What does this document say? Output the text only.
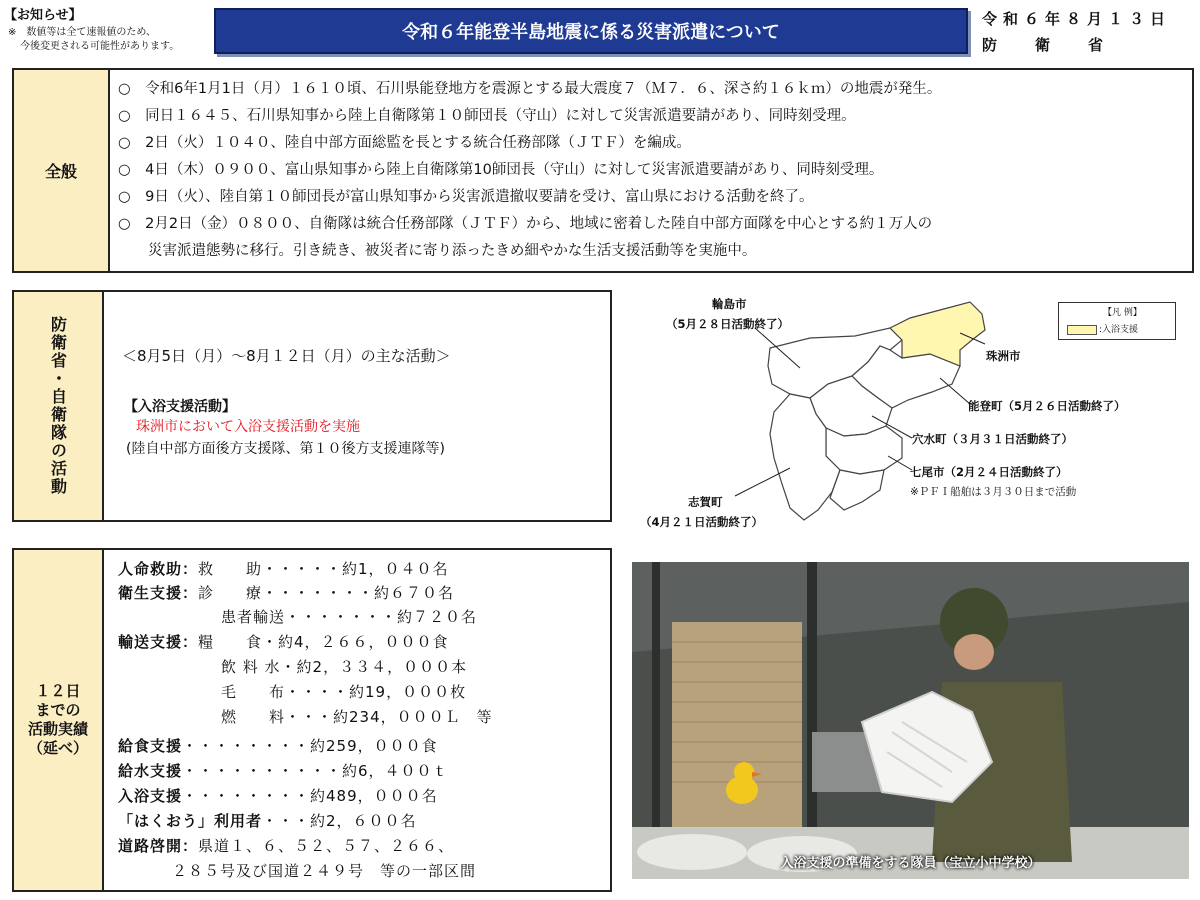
【お知らせ】
※　数値等は全て速報値のため、
今後変更される可能性があります。
令和６年能登半島地震に係る災害派遣について
令和６年８月１３日
防衛省
全般
○　令和6年1月1日（月）１６１０頃、石川県能登地方を震源とする最大震度７（Ｍ７．６、深さ約１６ｋｍ）の地震が発生。
○　同日１６４５、石川県知事から陸上自衛隊第１０師団長（守山）に対して災害派遣要請があり、同時刻受理。
○　2日（火）１０４０、陸自中部方面総監を長とする統合任務部隊（ＪＴＦ）を編成。
○　4日（木）０９００、富山県知事から陸上自衛隊第10師団長（守山）に対して災害派遣要請があり、同時刻受理。
○　9日（火）、陸自第１０師団長が富山県知事から災害派遣撤収要請を受け、富山県における活動を終了。
○　2月2日（金）０８００、自衛隊は統合任務部隊（ＪＴＦ）から、地域に密着した陸自中部方面隊を中心とする約１万人の
災害派遣態勢に移行。引き続き、被災者に寄り添ったきめ細やかな生活支援活動等を実施中。
防衛省・自衛隊の活動	＜8月5日（月）～8月１２日（月）の主な活動＞
【入浴支援活動】
珠洲市において入浴支援活動を実施
(陸自中部方面後方支援隊、第１０後方支援連隊等)
１２日
までの
活動実績
（延べ）
人命救助：救　　助・・・・・約1，０４０名
衛生支援：診　　療・・・・・・・約６７０名
患者輸送・・・・・・・約７２０名
輸送支援：糧　　食・約4，２６６，０００食
飲 料 水・約2，３３４，０００本
毛　　布・・・・約19，０００枚
燃　　料・・・約234，０００Ｌ　等
給食支援・・・・・・・・約259，０００食
給水支援・・・・・・・・・・約6，４００ｔ
入浴支援・・・・・・・・約489，０００名
「はくおう」利用者・・・約2，６００名
道路啓開：県道１、６、５２、５７、２６６、
２８５号及び国道２４９号　等の一部区間
輪島市
（5月２８日活動終了）
珠洲市
能登町（5月２６日活動終了）
穴水町（３月３１日活動終了）
七尾市（2月２４日活動終了）
※ＰＦＩ船舶は３月３０日まで活動
志賀町
（4月２１日活動終了）
【凡 例】
:入浴支援
入浴支援の準備をする隊員（宝立小中学校）
